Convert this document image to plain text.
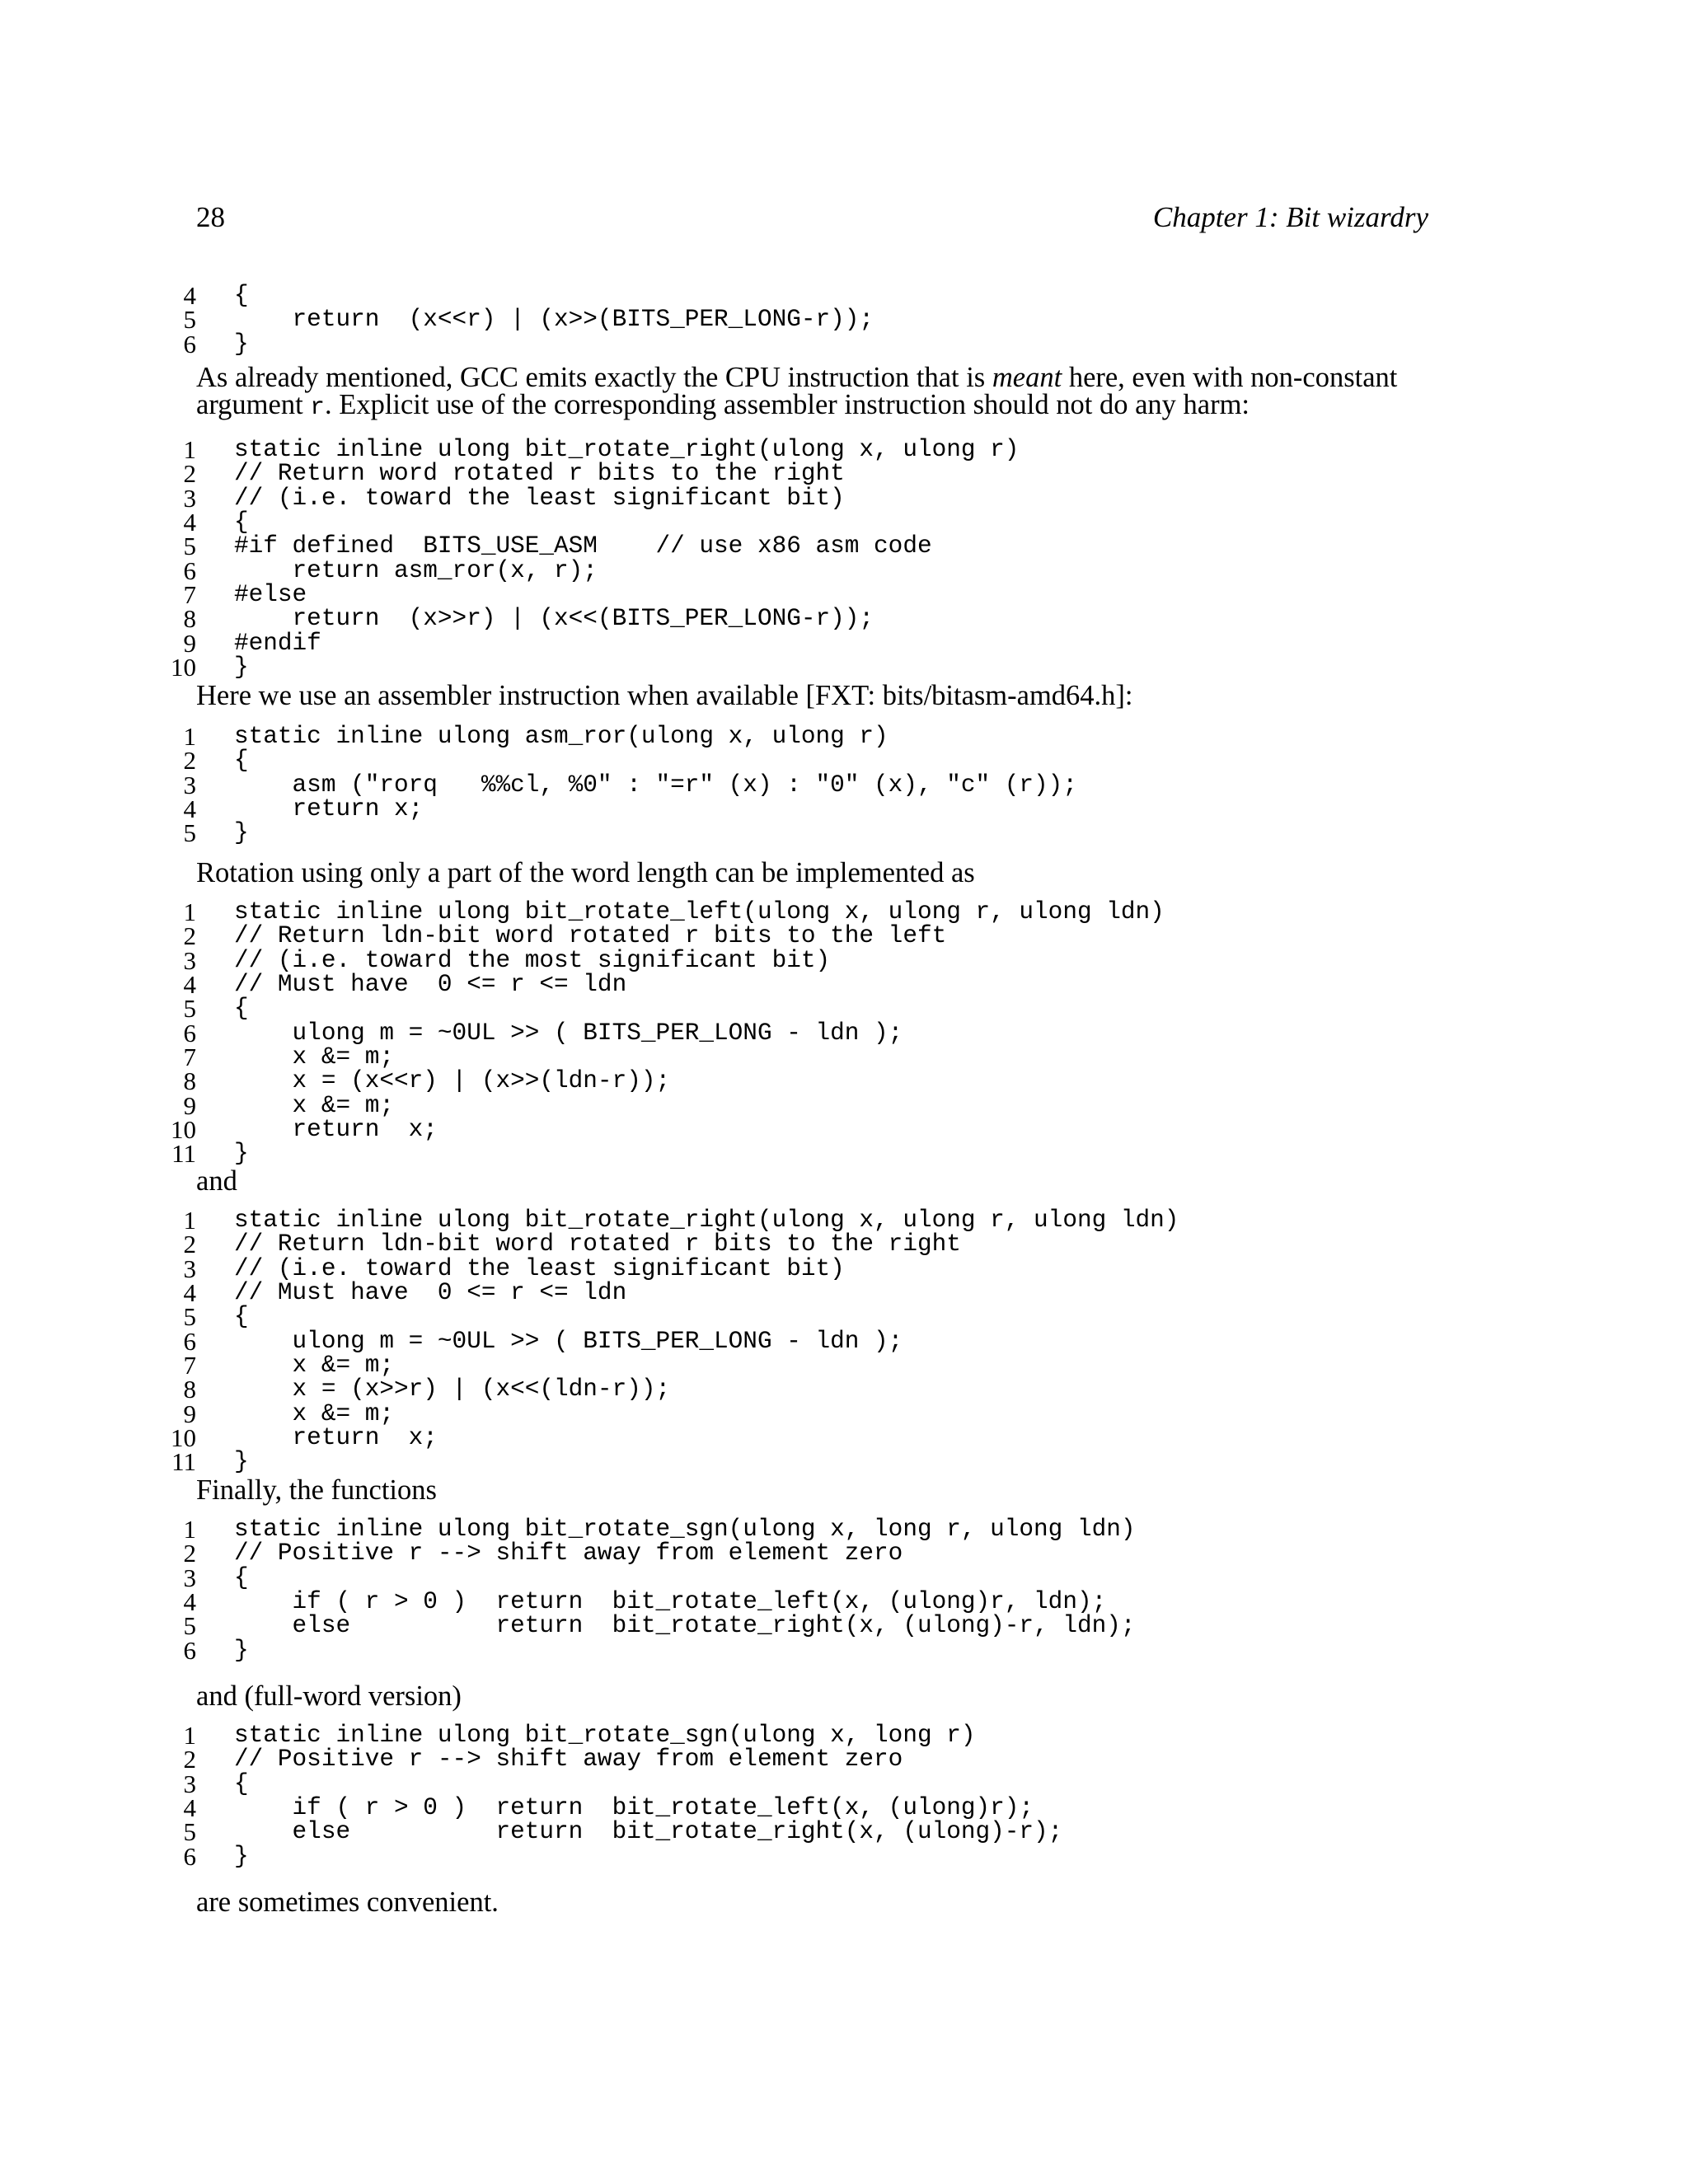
28	Chapter 1: Bit wizardry
4 {
5 return  (x<<r) | (x>>(BITS_PER_LONG-r));
6 }
As already mentioned, GCC emits exactly the CPU instruction that is meant here, even with non-constant argument r. Explicit use of the corresponding assembler instruction should not do any harm:
1 static inline ulong bit_rotate_right(ulong x, ulong r)
2 // Return word rotated r bits to the right
3 // (i.e. toward the least significant bit)
4 {
5 #if defined  BITS_USE_ASM    // use x86 asm code
6 return asm_ror(x, r);
7 #else
8 return  (x>>r) | (x<<(BITS_PER_LONG-r));
9 #endif
10 }
Here we use an assembler instruction when available [FXT: bits/bitasm-amd64.h]:
1 static inline ulong asm_ror(ulong x, ulong r)
2 {
3 asm ("rorq   %%cl, %0" : "=r" (x) : "0" (x), "c" (r));
4 return x;
5 }
Rotation using only a part of the word length can be implemented as
1 static inline ulong bit_rotate_left(ulong x, ulong r, ulong ldn)
2 // Return ldn-bit word rotated r bits to the left
3 // (i.e. toward the most significant bit)
4 // Must have  0 <= r <= ldn
5 {
6 ulong m = ~0UL >> ( BITS_PER_LONG - ldn );
7 x &= m;
8 x = (x<<r) | (x>>(ldn-r));
9 x &= m;
10 return  x;
11 }
and
1 static inline ulong bit_rotate_right(ulong x, ulong r, ulong ldn)
2 // Return ldn-bit word rotated r bits to the right
3 // (i.e. toward the least significant bit)
4 // Must have  0 <= r <= ldn
5 {
6 ulong m = ~0UL >> ( BITS_PER_LONG - ldn );
7 x &= m;
8 x = (x>>r) | (x<<(ldn-r));
9 x &= m;
10 return  x;
11 }
Finally, the functions
1 static inline ulong bit_rotate_sgn(ulong x, long r, ulong ldn)
2 // Positive r --> shift away from element zero
3 {
4 if ( r > 0 )  return  bit_rotate_left(x, (ulong)r, ldn);
5 else          return  bit_rotate_right(x, (ulong)-r, ldn);
6 }
and (full-word version)
1 static inline ulong bit_rotate_sgn(ulong x, long r)
2 // Positive r --> shift away from element zero
3 {
4 if ( r > 0 )  return  bit_rotate_left(x, (ulong)r);
5 else          return  bit_rotate_right(x, (ulong)-r);
6 }
are sometimes convenient.
